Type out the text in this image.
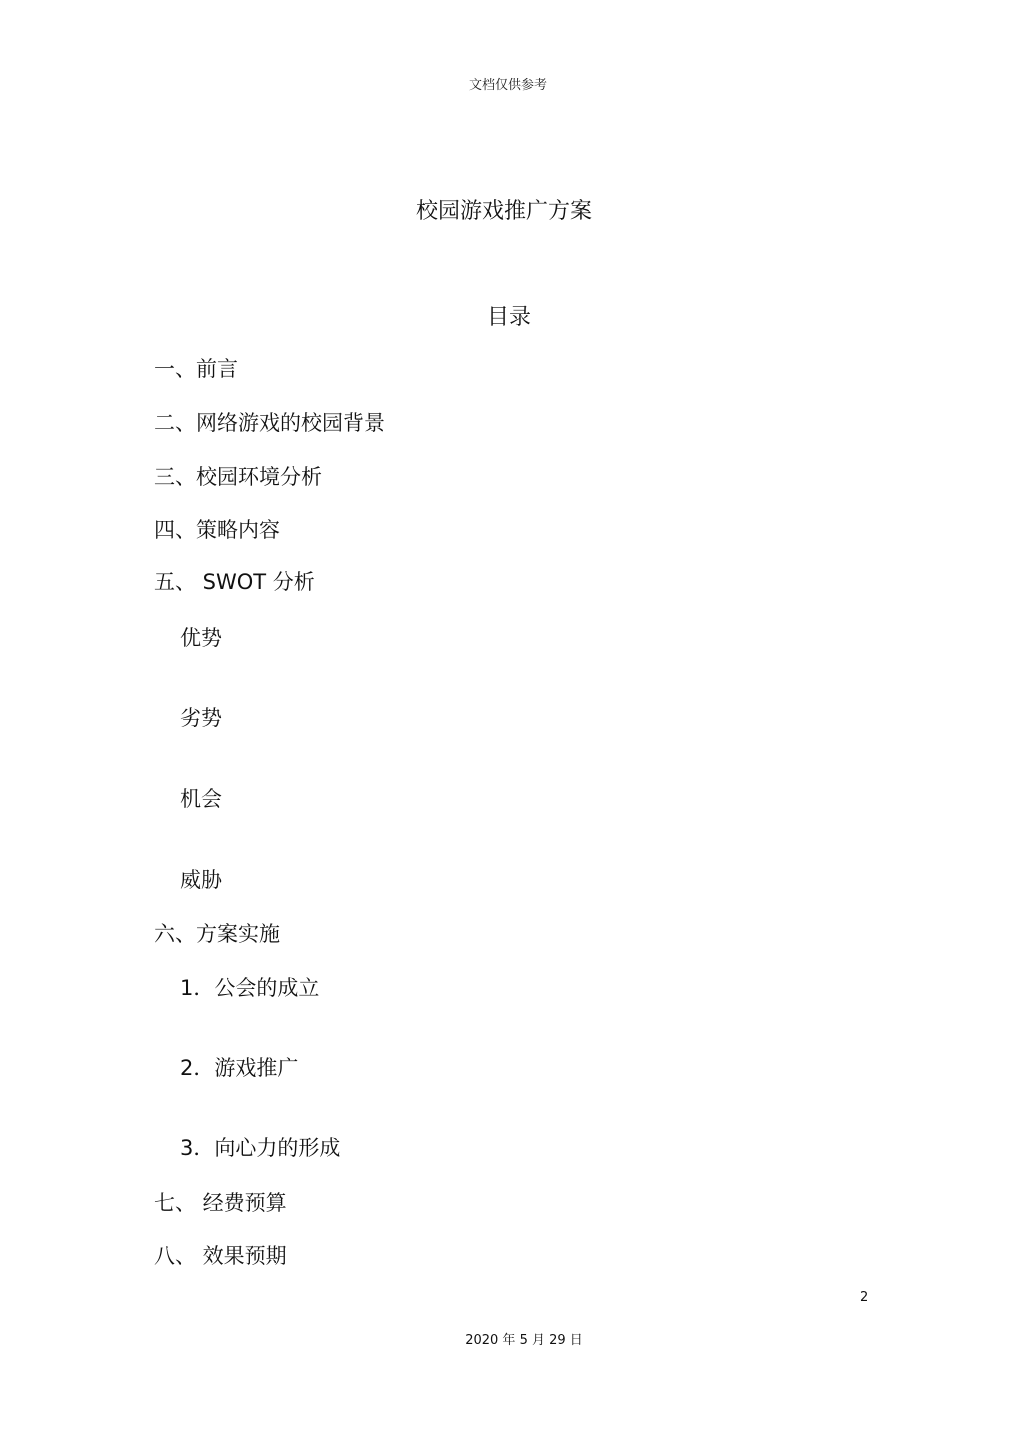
文档仅供参考
校园游戏推广方案
目录
一、前言
二、网络游戏的校园背景
三、校园环境分析
四、策略内容
五、 SWOT 分析
优势
劣势
机会
威胁
六、方案实施
1．公会的成立
2．游戏推广
3．向心力的形成
七、 经费预算
八、 效果预期
2
2020 年 5 月 29 日
